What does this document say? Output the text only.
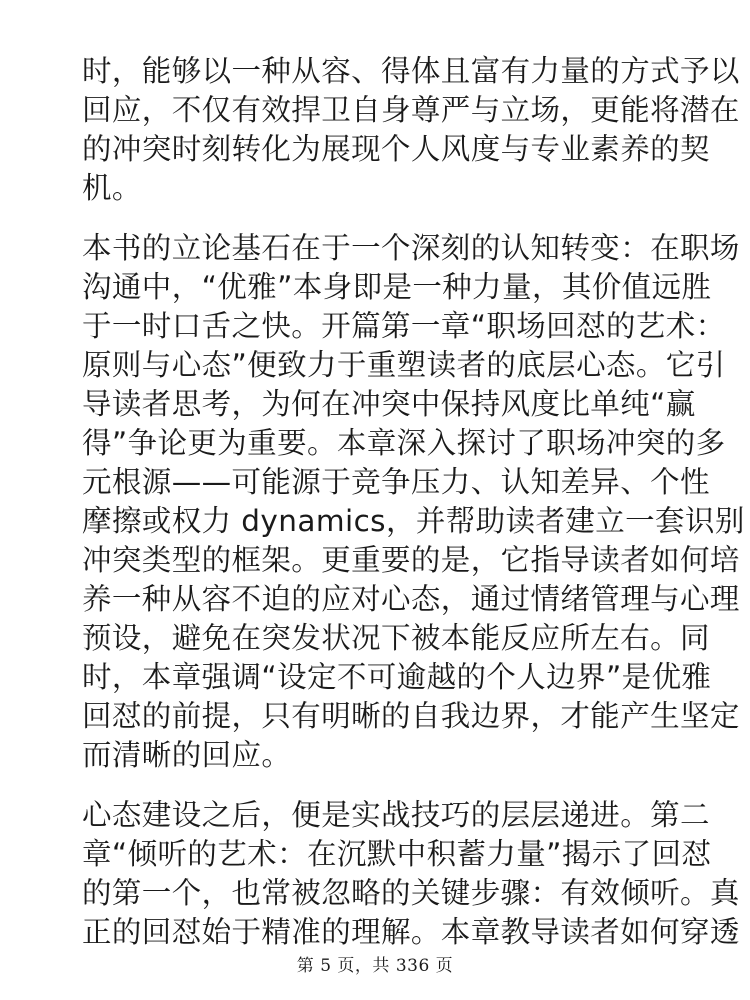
时，能够以一种从容、得体且富有力量的方式予以
回应，不仅有效捍卫自身尊严与立场，更能将潜在
的冲突时刻转化为展现个人风度与专业素养的契
机。

本书的立论基石在于一个深刻的认知转变：在职场
沟通中，“优雅”本身即是一种力量，其价值远胜
于一时口舌之快。开篇第一章“职场回怼的艺术：
原则与心态”便致力于重塑读者的底层心态。它引
导读者思考，为何在冲突中保持风度比单纯“赢
得”争论更为重要。本章深入探讨了职场冲突的多
元根源——可能源于竞争压力、认知差异、个性
摩擦或权力 dynamics，并帮助读者建立一套识别
冲突类型的框架。更重要的是，它指导读者如何培
养一种从容不迫的应对心态，通过情绪管理与心理
预设，避免在突发状况下被本能反应所左右。同
时，本章强调“设定不可逾越的个人边界”是优雅
回怼的前提，只有明晰的自我边界，才能产生坚定
而清晰的回应。

心态建设之后，便是实战技巧的层层递进。第二
章“倾听的艺术：在沉默中积蓄力量”揭示了回怼
的第一个，也常被忽略的关键步骤：有效倾听。真
正的回怼始于精准的理解。本章教导读者如何穿透

第 5 页，共 336 页
